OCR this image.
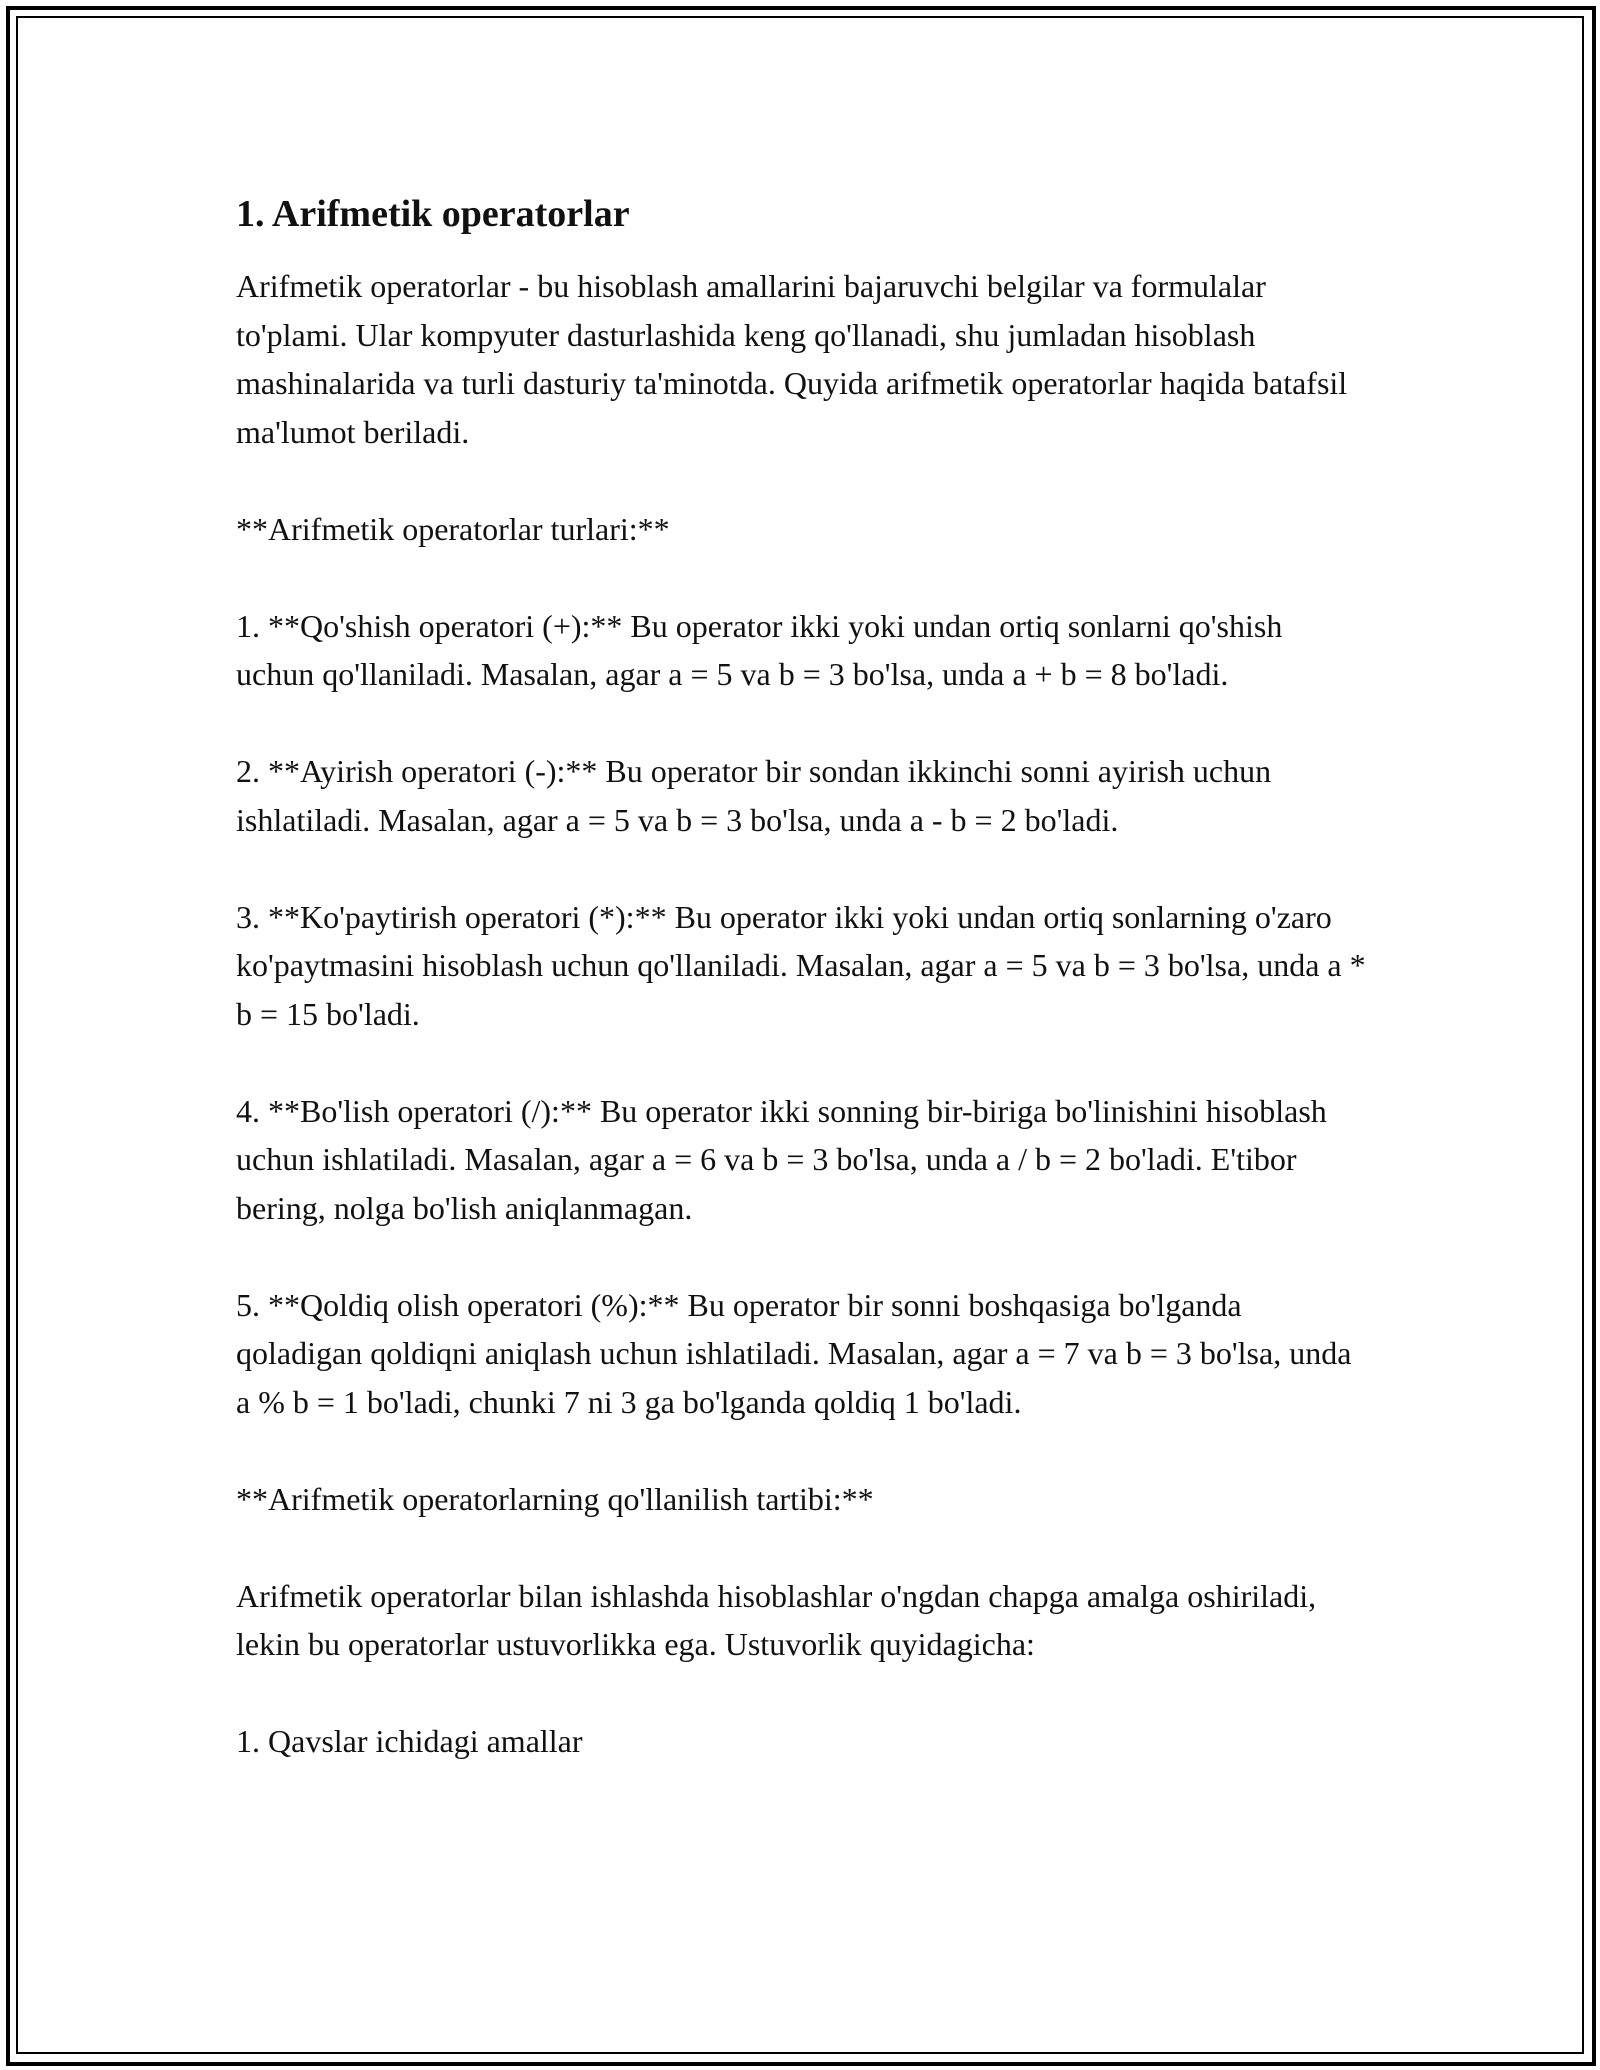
1. Arifmetik operatorlar

Arifmetik operatorlar - bu hisoblash amallarini bajaruvchi belgilar va formulalar to'plami. Ular kompyuter dasturlashida keng qo'llanadi, shu jumladan hisoblash mashinalarida va turli dasturiy ta'minotda. Quyida arifmetik operatorlar haqida batafsil ma'lumot beriladi.

**Arifmetik operatorlar turlari:**

1. **Qo'shish operatori (+):** Bu operator ikki yoki undan ortiq sonlarni qo'shish uchun qo'llaniladi. Masalan, agar a = 5 va b = 3 bo'lsa, unda a + b = 8 bo'ladi.

2. **Ayirish operatori (-):** Bu operator bir sondan ikkinchi sonni ayirish uchun ishlatiladi. Masalan, agar a = 5 va b = 3 bo'lsa, unda a - b = 2 bo'ladi.

3. **Ko'paytirish operatori (*):** Bu operator ikki yoki undan ortiq sonlarning o'zaro ko'paytmasini hisoblash uchun qo'llaniladi. Masalan, agar a = 5 va b = 3 bo'lsa, unda a * b = 15 bo'ladi.

4. **Bo'lish operatori (/):** Bu operator ikki sonning bir-biriga bo'linishini hisoblash uchun ishlatiladi. Masalan, agar a = 6 va b = 3 bo'lsa, unda a / b = 2 bo'ladi. E'tibor bering, nolga bo'lish aniqlanmagan.

5. **Qoldiq olish operatori (%):** Bu operator bir sonni boshqasiga bo'lganda qoladigan qoldiqni aniqlash uchun ishlatiladi. Masalan, agar a = 7 va b = 3 bo'lsa, unda a % b = 1 bo'ladi, chunki 7 ni 3 ga bo'lganda qoldiq 1 bo'ladi.

**Arifmetik operatorlarning qo'llanilish tartibi:**

Arifmetik operatorlar bilan ishlashda hisoblashlar o'ngdan chapga amalga oshiriladi, lekin bu operatorlar ustuvorlikka ega. Ustuvorlik quyidagicha:

1. Qavslar ichidagi amallar
